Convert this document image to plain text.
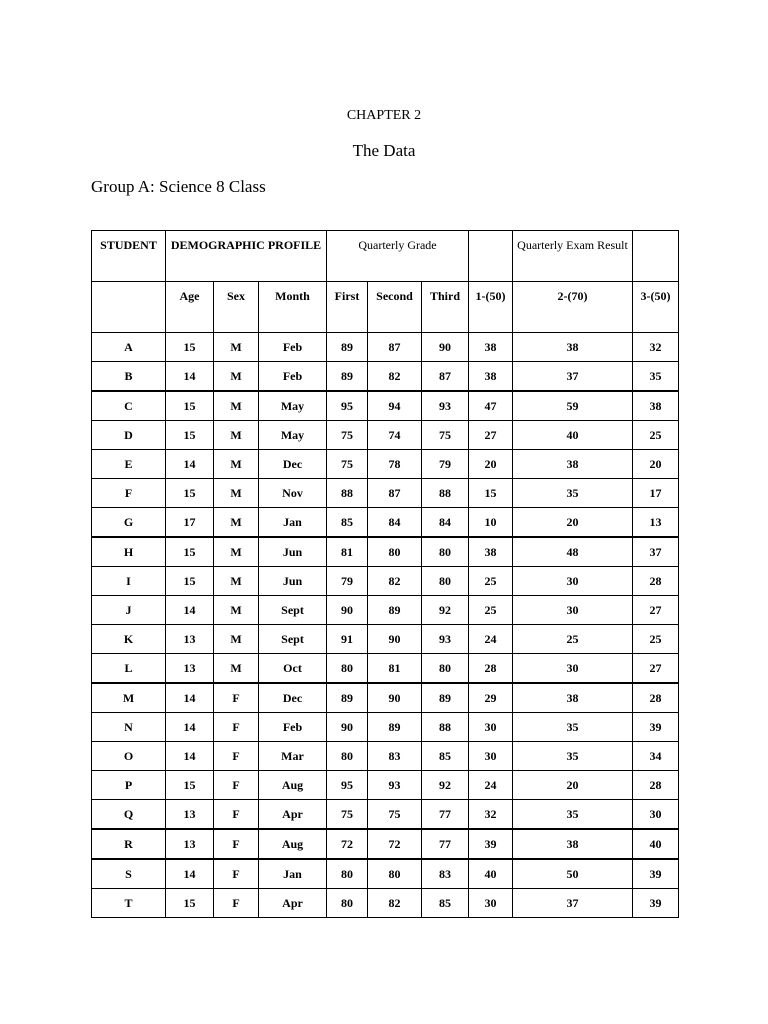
CHAPTER 2
The Data
Group A: Science 8 Class
STUDENT	DEMOGRAPHIC PROFILE			Quarterly Grade				Quarterly Exam Result	
	Age	Sex	Month	First	Second	Third	1-(50)	2-(70)	3-(50)
A	15	M	Feb	89	87	90	38	38	32
B	14	M	Feb	89	82	87	38	37	35
C	15	M	May	95	94	93	47	59	38
D	15	M	May	75	74	75	27	40	25
E	14	M	Dec	75	78	79	20	38	20
F	15	M	Nov	88	87	88	15	35	17
G	17	M	Jan	85	84	84	10	20	13
H	15	M	Jun	81	80	80	38	48	37
I	15	M	Jun	79	82	80	25	30	28
J	14	M	Sept	90	89	92	25	30	27
K	13	M	Sept	91	90	93	24	25	25
L	13	M	Oct	80	81	80	28	30	27
M	14	F	Dec	89	90	89	29	38	28
N	14	F	Feb	90	89	88	30	35	39
O	14	F	Mar	80	83	85	30	35	34
P	15	F	Aug	95	93	92	24	20	28
Q	13	F	Apr	75	75	77	32	35	30
R	13	F	Aug	72	72	77	39	38	40
S	14	F	Jan	80	80	83	40	50	39
T	15	F	Apr	80	82	85	30	37	39
